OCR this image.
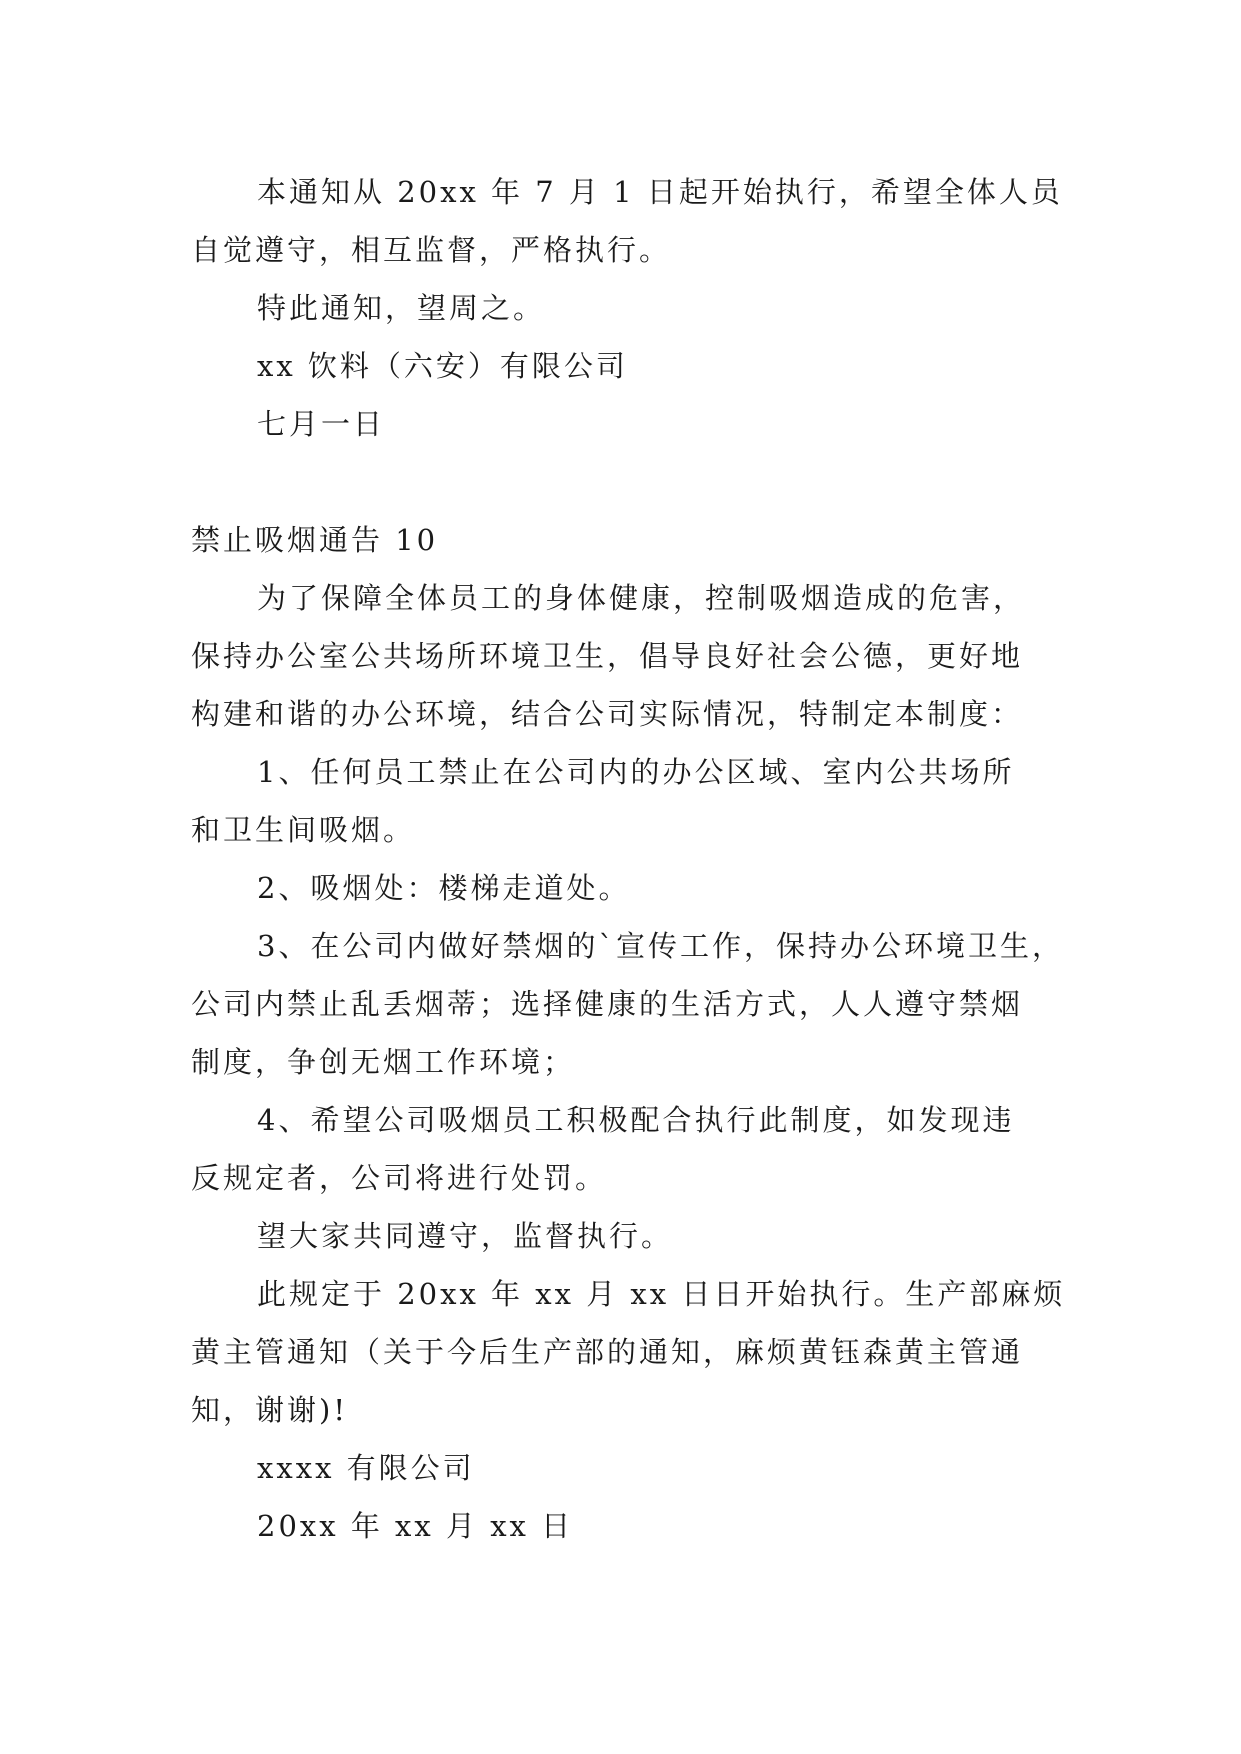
本通知从 20xx 年 7 月 1 日起开始执行，希望全体人员

自觉遵守，相互监督，严格执行。

特此通知，望周之。

xx 饮料（六安）有限公司

七月一日

禁止吸烟通告 10

为了保障全体员工的身体健康，控制吸烟造成的危害，

保持办公室公共场所环境卫生，倡导良好社会公德，更好地

构建和谐的办公环境，结合公司实际情况，特制定本制度：

1、任何员工禁止在公司内的办公区域、室内公共场所

和卫生间吸烟。

2、吸烟处：楼梯走道处。

3、在公司内做好禁烟的`宣传工作，保持办公环境卫生，

公司内禁止乱丢烟蒂；选择健康的生活方式，人人遵守禁烟

制度，争创无烟工作环境；

4、希望公司吸烟员工积极配合执行此制度，如发现违

反规定者，公司将进行处罚。

望大家共同遵守，监督执行。

此规定于 20xx 年 xx 月 xx 日日开始执行。生产部麻烦

黄主管通知（关于今后生产部的通知，麻烦黄钰森黄主管通

知，谢谢)!

xxxx 有限公司

20xx 年 xx 月 xx 日
